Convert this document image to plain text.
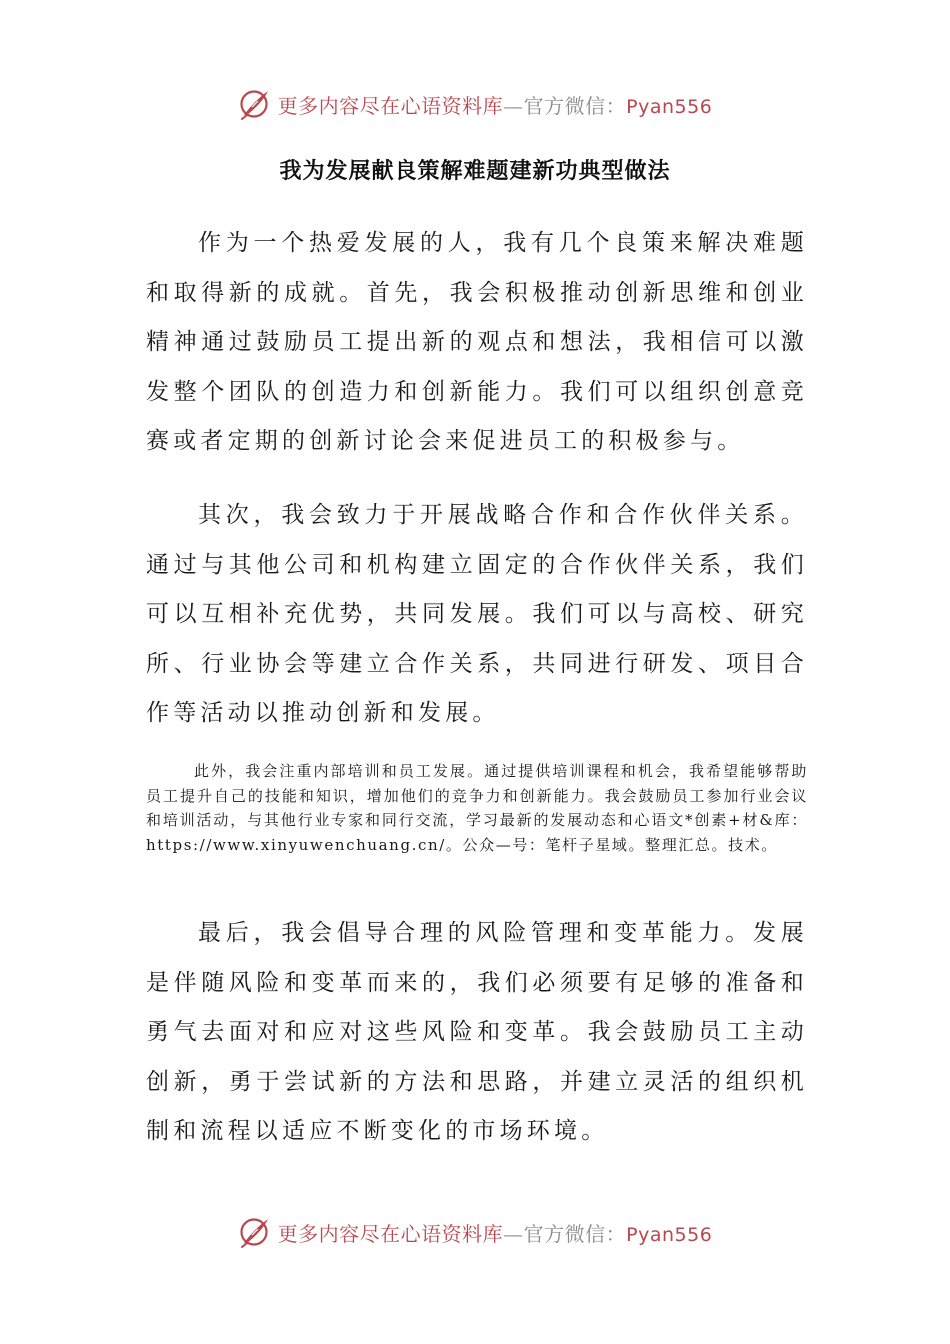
更多内容尽在心语资料库—官方微信：Pyan556
我为发展献良策解难题建新功典型做法

作为一个热爱发展的人，我有几个良策来解决难题和取得新的成就。首先，我会积极推动创新思维和创业精神通过鼓励员工提出新的观点和想法，我相信可以激发整个团队的创造力和创新能力。我们可以组织创意竞赛或者定期的创新讨论会来促进员工的积极参与。

其次，我会致力于开展战略合作和合作伙伴关系。通过与其他公司和机构建立固定的合作伙伴关系，我们可以互相补充优势，共同发展。我们可以与高校、研究所、行业协会等建立合作关系，共同进行研发、项目合作等活动以推动创新和发展。

此外，我会注重内部培训和员工发展。通过提供培训课程和机会，我希望能够帮助员工提升自己的技能和知识，增加他们的竞争力和创新能力。我会鼓励员工参加行业会议和培训活动，与其他行业专家和同行交流，学习最新的发展动态和心语文*创素+材&库：https://www.xinyuwenchuang.cn/。公众—号：笔杆子星域。整理汇总。技术。

最后，我会倡导合理的风险管理和变革能力。发展是伴随风险和变革而来的，我们必须要有足够的准备和勇气去面对和应对这些风险和变革。我会鼓励员工主动创新，勇于尝试新的方法和思路，并建立灵活的组织机制和流程以适应不断变化的市场环境。

更多内容尽在心语资料库—官方微信：Pyan556
